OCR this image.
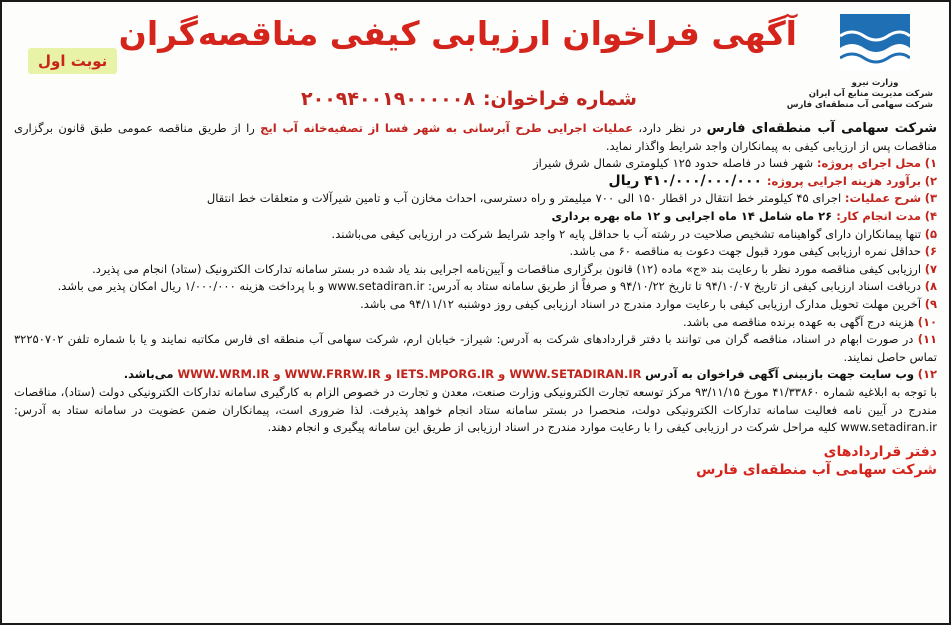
وزارت نیرو
شرکت مدیریت منابع آب ایران
شرکت سهامی آب منطقه‌ای فارس
آگهی فراخوان ارزیابی کیفی مناقصه‌گران
نوبت اول
شماره فراخوان:۲۰۰۹۴۰۰۱۹۰۰۰۰۰۸

شرکت سهامی آب منطقه‌ای فارس در نظر دارد، عملیات اجرایی طرح آبرسانی به شهر فسا از تصفیه‌خانه آب ایج را از طریق مناقصه عمومی طبق قانون برگزاری مناقصات پس از ارزیابی کیفی به پیمانکاران واجد شرایط واگذار نماید.

۱) محل اجرای پروژه: شهر فسا در فاصله حدود ۱۲۵ کیلومتری شمال شرق شیراز

۲) برآورد هزینه اجرایی پروژه: ۴۱۰/۰۰۰/۰۰۰/۰۰۰ ریال

۳) شرح عملیات: اجرای ۴۵ کیلومتر خط انتقال در اقطار ۱۵۰ الی ۷۰۰ میلیمتر و راه دسترسی، احداث مخازن آب و تامین شیرآلات و متعلقات خط انتقال

۴) مدت انجام کار: ۲۶ ماه شامل ۱۴ ماه اجرایی و ۱۲ ماه بهره برداری

۵) تنها پیمانکاران دارای گواهینامه تشخیص صلاحیت در رشته آب با حداقل پایه ۲ واجد شرایط شرکت در ارزیابی کیفی می‌باشند.

۶) حداقل نمره ارزیابی کیفی مورد قبول جهت دعوت به مناقصه ۶۰ می باشد.

۷) ارزیابی کیفی مناقصه مورد نظر با رعایت بند «ج» ماده (۱۲) قانون برگزاری مناقصات و آیین‌نامه اجرایی بند یاد شده در بستر سامانه تدارکات الکترونیک (ستاد) انجام می پذیرد.

۸) دریافت اسناد ارزیابی کیفی از تاریخ ۹۴/۱۰/۰۷ تا تاریخ ۹۴/۱۰/۲۲ و صرفاً از طریق سامانه ستاد به آدرس: www.setadiran.ir و با پرداخت هزینه ۱/۰۰۰/۰۰۰ ریال امکان پذیر می باشد.

۹) آخرین مهلت تحویل مدارک ارزیابی کیفی با رعایت موارد مندرج در اسناد ارزیابی کیفی روز دوشنبه ۹۴/۱۱/۱۲ می باشد.

۱۰) هزینه درج آگهی به عهده برنده مناقصه می باشد.

۱۱) در صورت ابهام در اسناد، مناقصه گران می توانند با دفتر قراردادهای شرکت به آدرس: شیراز- خیابان ارم، شرکت سهامی آب منطقه ای فارس مکاتبه نمایند و یا با شماره تلفن ۳۲۲۵۰۷۰۲ تماس حاصل نمایند.

۱۲) وب سایت جهت بازبینی آگهی فراخوان به آدرس WWW.WRM.IR و WWW.FRRW.IR و IETS.MPORG.IR و WWW.SETADIRAN.IR می‌باشد.

با توجه به ابلاغیه شماره ۴۱/۳۳۸۶۰ مورخ ۹۳/۱۱/۱۵ مرکز توسعه تجارت الکترونیکی وزارت صنعت، معدن و تجارت در خصوص الزام به کارگیری سامانه تدارکات الکترونیکی دولت (ستاد)، مناقصات مندرج در آیین نامه فعالیت سامانه تدارکات الکترونیکی دولت، منحصرا در بستر سامانه ستاد انجام خواهد پذیرفت. لذا ضروری است، پیمانکاران ضمن عضویت در سامانه ستاد به آدرس: www.setadiran.ir کلیه مراحل شرکت در ارزیابی کیفی را با رعایت موارد مندرج در اسناد ارزیابی از طریق این سامانه پیگیری و انجام دهند.

دفتر قراردادهای
شرکت سهامی آب منطقه‌ای فارس
